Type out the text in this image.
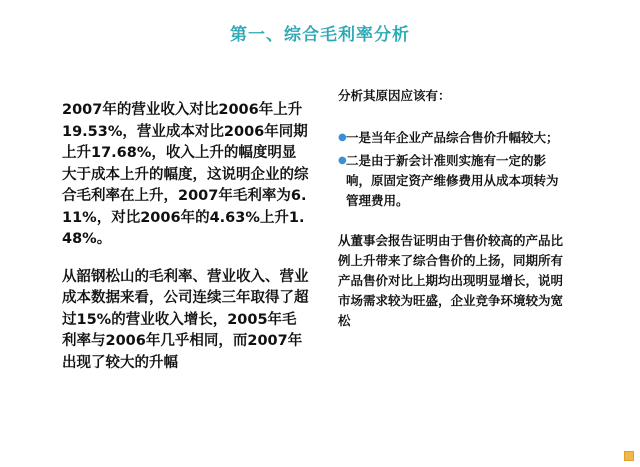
第一、综合毛利率分析

2007年的营业收入对比2006年上升19.53%，营业成本对比2006年同期上升17.68%，收入上升的幅度明显大于成本上升的幅度，这说明企业的综合毛利率在上升，2007年毛利率为6.11%，对比2006年的4.63%上升1.48%。

从韶钢松山的毛利率、营业收入、营业成本数据来看，公司连续三年取得了超过15%的营业收入增长，2005年毛利率与2006年几乎相同，而2007年出现了较大的升幅

分析其原因应该有：
● 一是当年企业产品综合售价升幅较大；
● 二是由于新会计准则实施有一定的影响，原固定资产维修费用从成本项转为管理费用。
从董事会报告证明由于售价较高的产品比例上升带来了综合售价的上扬，同期所有产品售价对比上期均出现明显增长，说明市场需求较为旺盛，企业竞争环境较为宽松
